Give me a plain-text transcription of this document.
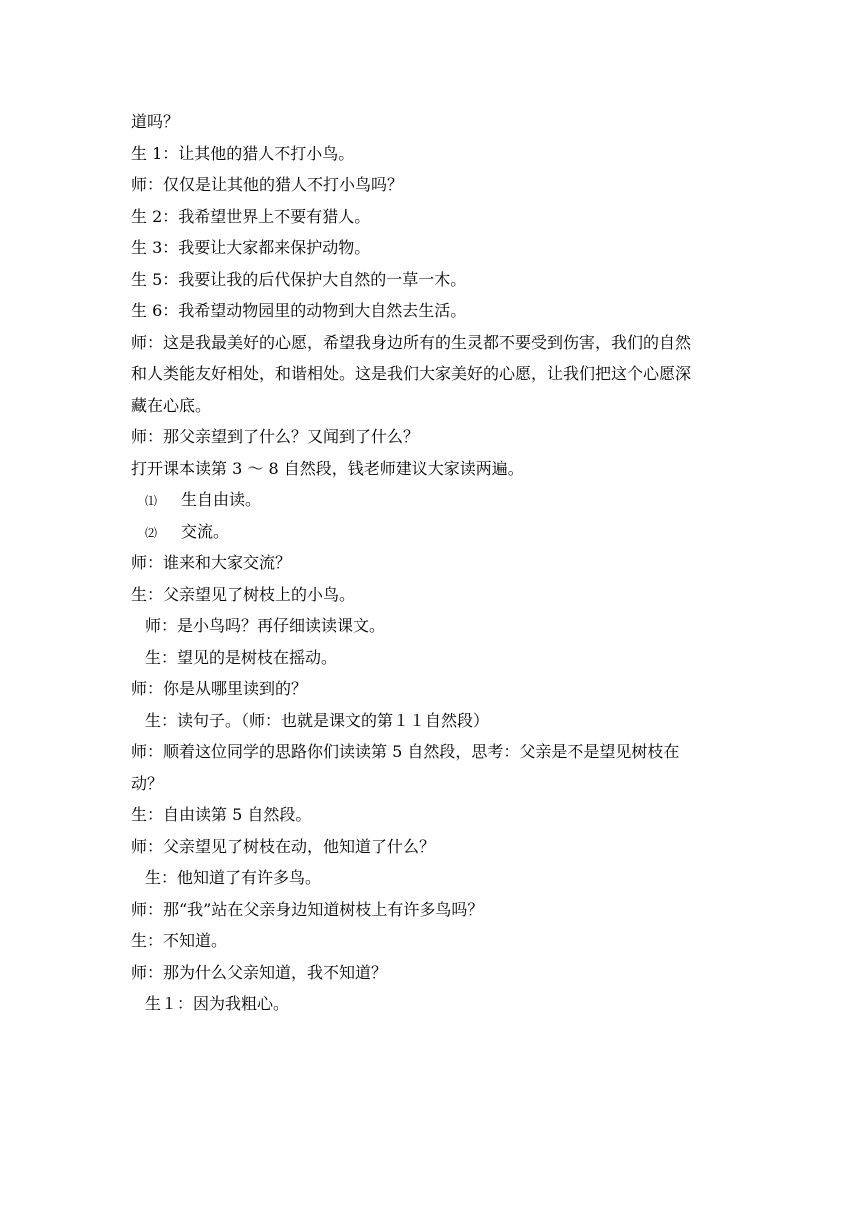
道吗？
生 1：让其他的猎人不打小鸟。
师：仅仅是让其他的猎人不打小鸟吗？
生 2：我希望世界上不要有猎人。
生 3：我要让大家都来保护动物。
生 5：我要让我的后代保护大自然的一草一木。
生 6：我希望动物园里的动物到大自然去生活。
师：这是我最美好的心愿，希望我身边所有的生灵都不要受到伤害，我们的自然
和人类能友好相处，和谐相处。这是我们大家美好的心愿，让我们把这个心愿深
藏在心底。
师：那父亲望到了什么？又闻到了什么？
打开课本读第 3 ～ 8 自然段，钱老师建议大家读两遍。
⑴ 生自由读。
⑵ 交流。
师：谁来和大家交流？
生：父亲望见了树枝上的小鸟。
师：是小鸟吗？再仔细读读课文。
生：望见的是树枝在摇动。
师：你是从哪里读到的？
生：读句子。（师：也就是课文的第１１自然段）
师：顺着这位同学的思路你们读读第 5 自然段，思考：父亲是不是望见树枝在
动？
生：自由读第 5 自然段。
师：父亲望见了树枝在动，他知道了什么？
生：他知道了有许多鸟。
师：那“我”站在父亲身边知道树枝上有许多鸟吗？
生：不知道。
师：那为什么父亲知道，我不知道？
生１：因为我粗心。
